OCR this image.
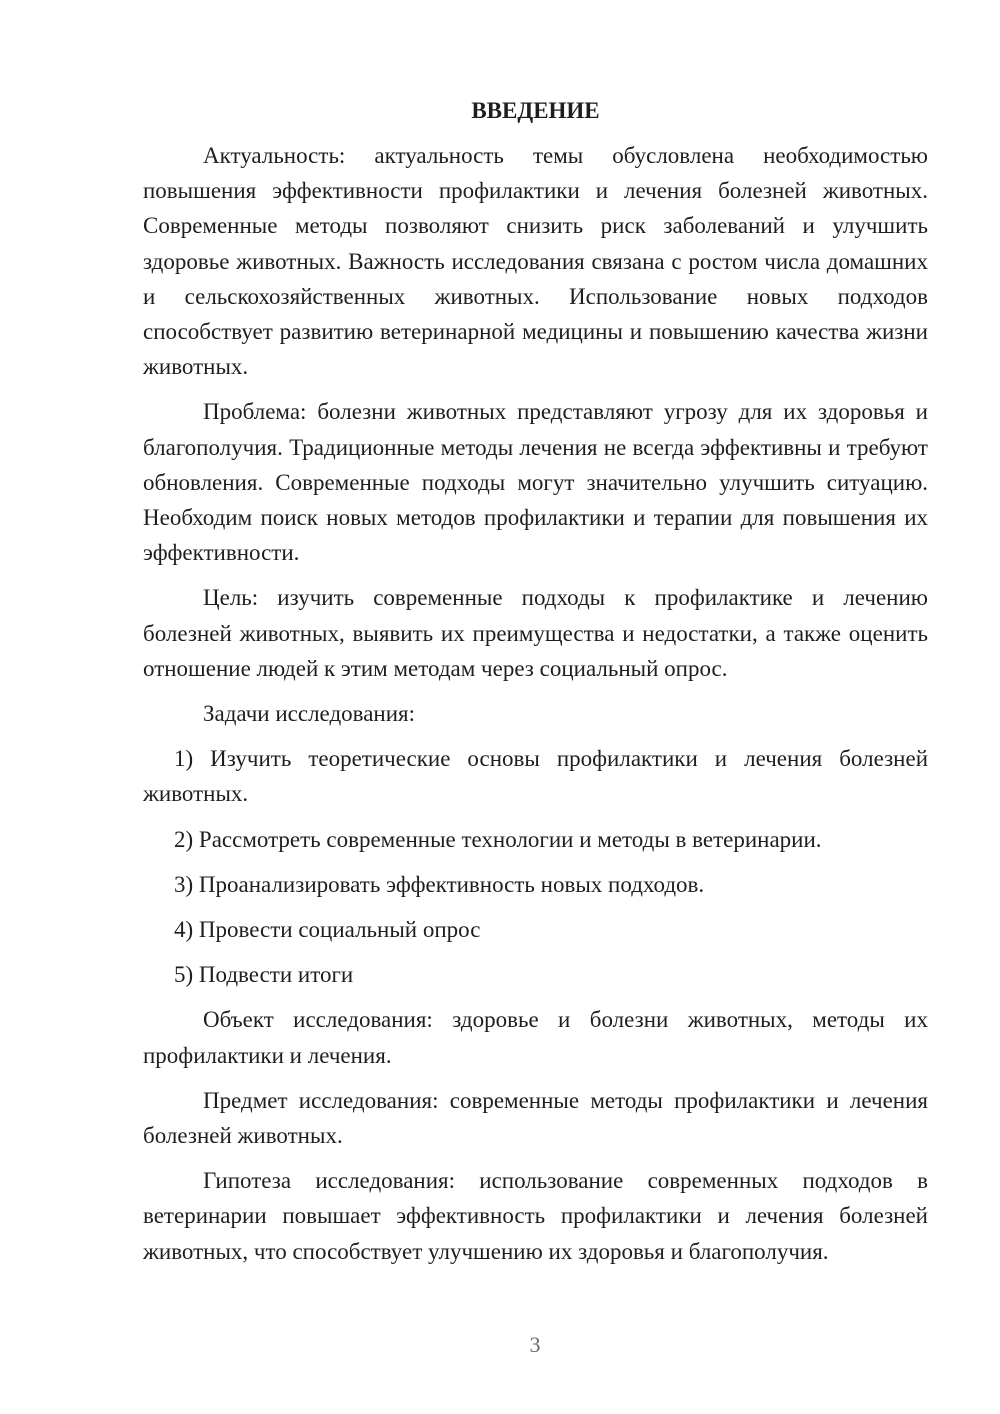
ВВЕДЕНИЕ

Актуальность: актуальность темы обусловлена необходимостью повышения эффективности профилактики и лечения болезней животных. Современные методы позволяют снизить риск заболеваний и улучшить здоровье животных. Важность исследования связана с ростом числа домашних и сельскохозяйственных животных. Использование новых подходов способствует развитию ветеринарной медицины и повышению качества жизни животных.

Проблема: болезни животных представляют угрозу для их здоровья и благополучия. Традиционные методы лечения не всегда эффективны и требуют обновления. Современные подходы могут значительно улучшить ситуацию. Необходим поиск новых методов профилактики и терапии для повышения их эффективности.

Цель: изучить современные подходы к профилактике и лечению болезней животных, выявить их преимущества и недостатки, а также оценить отношение людей к этим методам через социальный опрос.

Задачи исследования:

1) Изучить теоретические основы профилактики и лечения болезней животных.

2) Рассмотреть современные технологии и методы в ветеринарии.

3) Проанализировать эффективность новых подходов.

4) Провести социальный опрос

5) Подвести итоги

Объект исследования: здоровье и болезни животных, методы их профилактики и лечения.

Предмет исследования: современные методы профилактики и лечения болезней животных.

Гипотеза исследования: использование современных подходов в ветеринарии повышает эффективность профилактики и лечения болезней животных, что способствует улучшению их здоровья и благополучия.

3
